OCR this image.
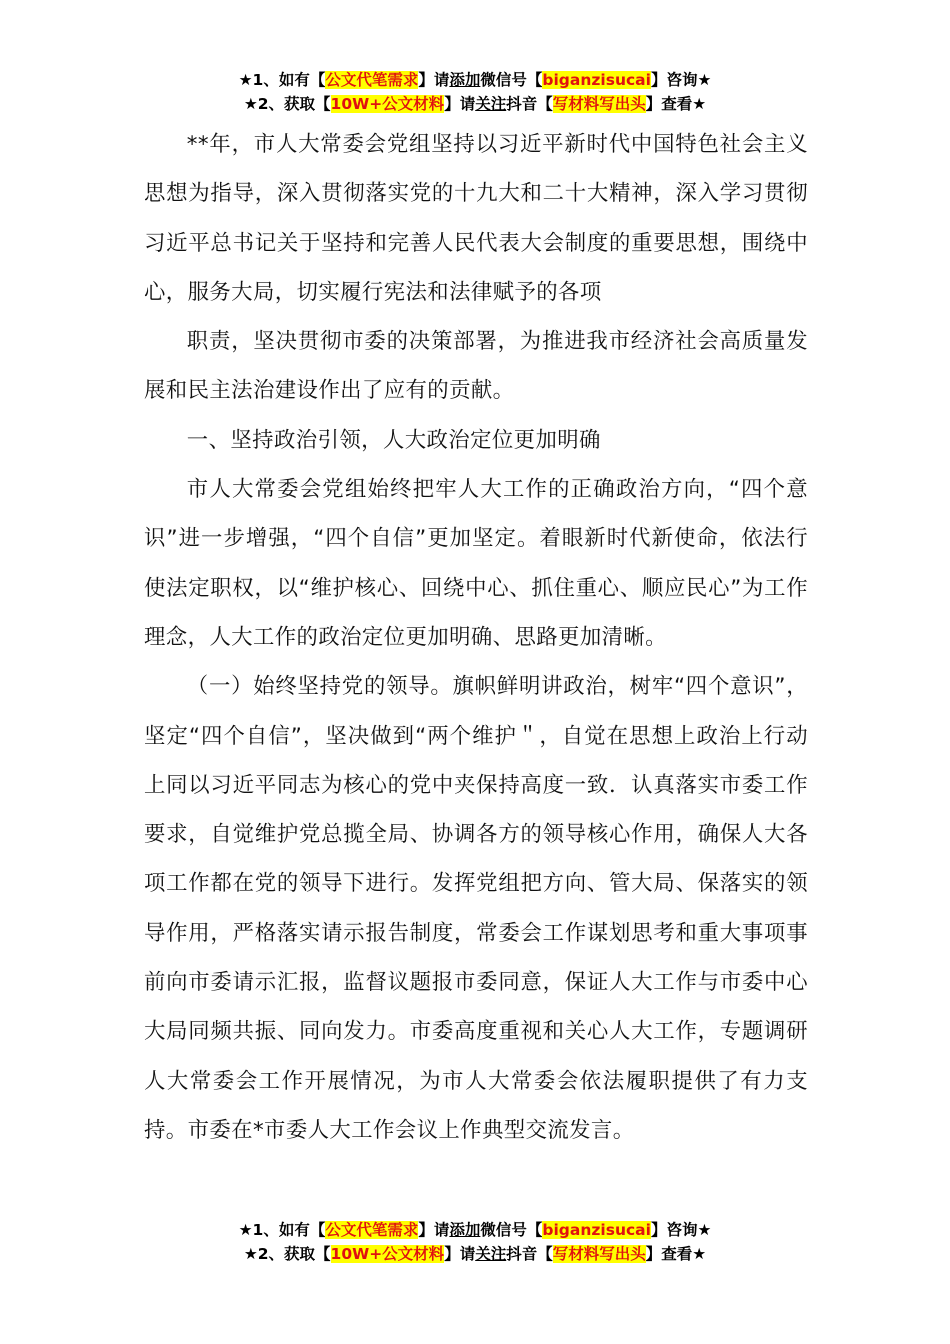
★1、如有【公文代笔需求】请添加微信号【biganzisucai】咨询★
★2、获取【10W+公文材料】请关注抖音【写材料写出头】查看★

**年，市人大常委会党组坚持以习近平新时代中国特色社会主义思想为指导，深入贯彻落实党的十九大和二十大精神，深入学习贯彻习近平总书记关于坚持和完善人民代表大会制度的重要思想，围绕中心，服务大局，切实履行宪法和法律赋予的各项

职责，坚决贯彻市委的决策部署，为推进我市经济社会高质量发展和民主法治建设作出了应有的贡献。

一、坚持政治引领，人大政治定位更加明确

市人大常委会党组始终把牢人大工作的正确政治方向，“四个意识”进一步增强，“四个自信”更加坚定。着眼新时代新使命，依法行使法定职权，以“维护核心、回绕中心、抓住重心、顺应民心”为工作理念，人大工作的政治定位更加明确、思路更加清晰。

（一）始终坚持党的领导。旗帜鲜明讲政治，树牢“四个意识”，坚定“四个自信”，坚决做到“两个维护＂，自觉在思想上政治上行动上同以习近平同志为核心的党中夹保持高度一致．认真落实市委工作要求，自觉维护党总揽全局、协调各方的领导核心作用，确保人大各项工作都在党的领导下进行。发挥党组把方向、管大局、保落实的领导作用，严格落实请示报告制度，常委会工作谋划思考和重大事项事前向市委请示汇报，监督议题报市委同意，保证人大工作与市委中心大局同频共振、同向发力。市委高度重视和关心人大工作，专题调研人大常委会工作开展情况，为市人大常委会依法履职提供了有力支持。市委在*市委人大工作会议上作典型交流发言。

★1、如有【公文代笔需求】请添加微信号【biganzisucai】咨询★
★2、获取【10W+公文材料】请关注抖音【写材料写出头】查看★
